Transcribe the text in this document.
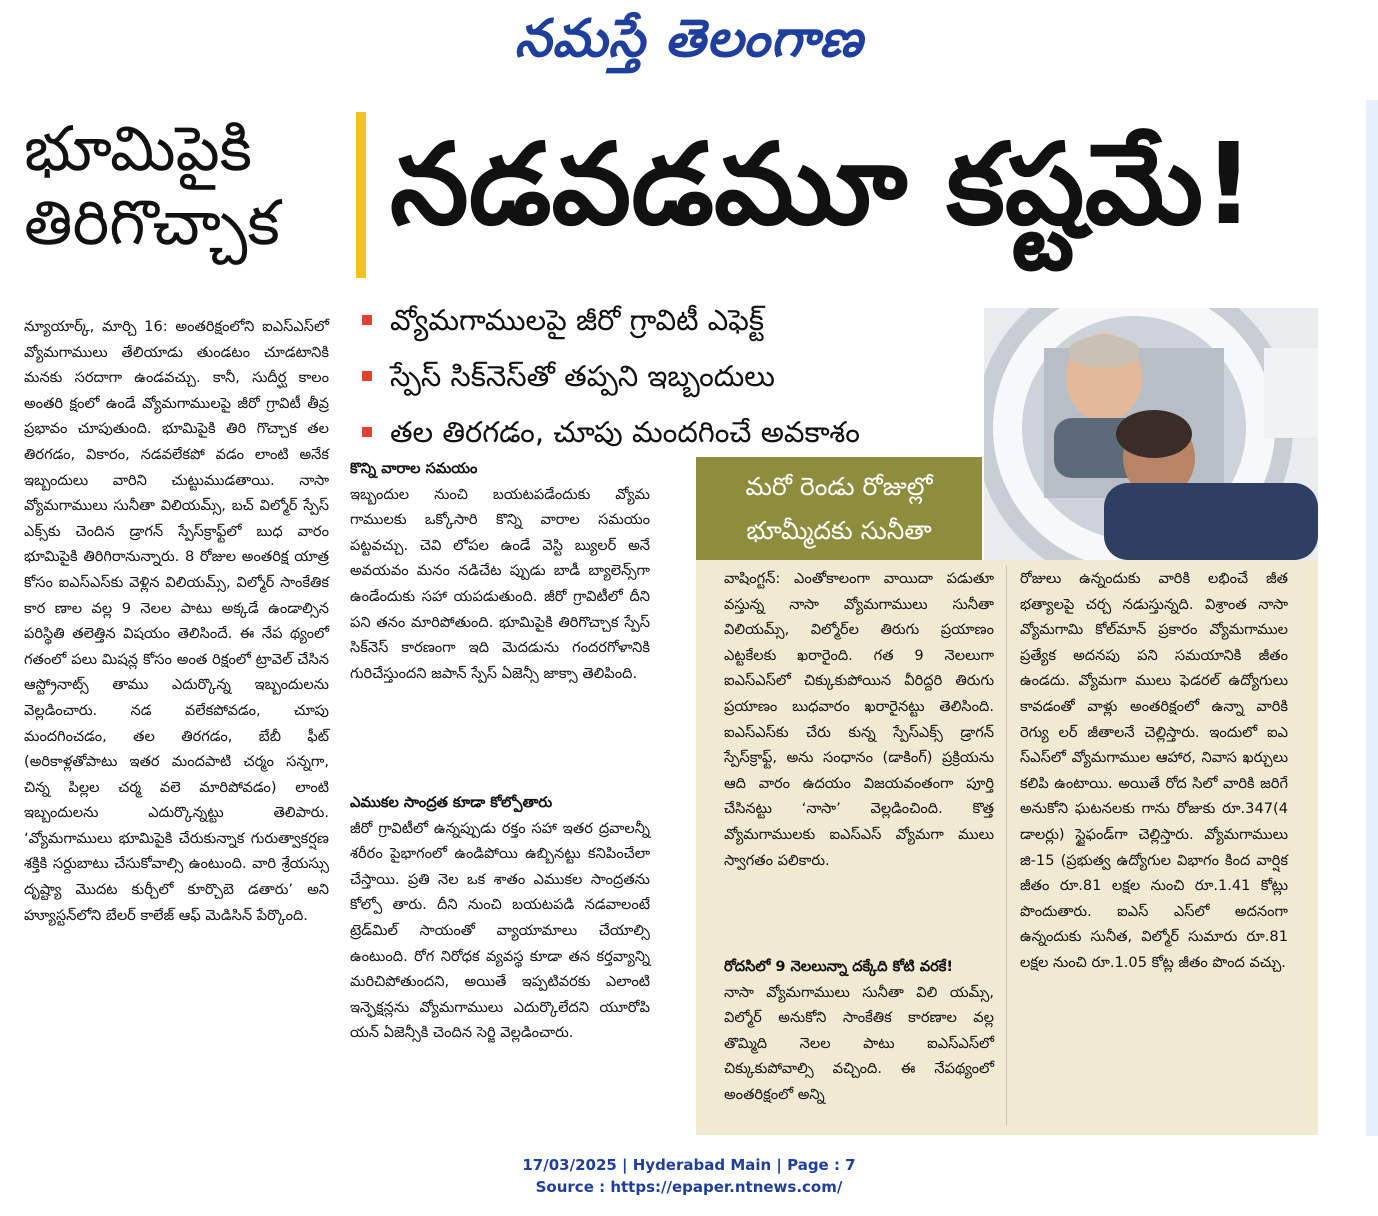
నమస్తే తెలంగాణ
భూమిపైకి
తిరిగొచ్చాక నడవడమూ కష్టమే!
వ్యోమగాములపై జీరో గ్రావిటీ ఎఫెక్ట్
స్పేస్ సిక్‌నెస్‌తో తప్పని ఇబ్బందులు
తల తిరగడం, చూపు మందగించే అవకాశం
న్యూయార్క్, మార్చి 16: అంతరిక్షంలోని ఐఎస్ఎస్‌లో వ్యోమగాములు తేలియాడు తుండటం చూడటానికి మనకు సరదాగా ఉండవచ్చు. కానీ, సుదీర్ఘ కాలం అంతరి క్షంలో ఉండే వ్యోమగాములపై జీరో గ్రావిటీ తీవ్ర ప్రభావం చూపుతుంది. భూమిపైకి తిరి గొచ్చాక తల తిరగడం, వికారం, నడవలేకపో వడం లాంటి అనేక ఇబ్బందులు వారిని చుట్టుముడతాయి. నాసా వ్యోమగాములు సునీతా విలియమ్స్, బచ్ విల్మోర్ స్పేస్ ఎక్స్‌కు చెందిన డ్రాగన్ స్పేస్‌క్రాఫ్ట్‌లో బుధ వారం భూమిపైకి తిరిగిరానున్నారు. 8 రోజుల అంతరిక్ష యాత్ర కోసం ఐఎస్ఎస్‌కు వెళ్లిన విలియమ్స్, విల్మోర్ సాంకేతిక కార ణాల వల్ల 9 నెలల పాటు అక్కడే ఉండాల్సిన పరిస్థితి తలెత్తిన విషయం తెలిసిందే. ఈ నేప థ్యంలో గతంలో పలు మిషన్ల కోసం అంత రిక్షంలో ట్రావెల్ చేసిన ఆస్ట్రోనాట్స్ తాము ఎదుర్కొన్న ఇబ్బందులను వెల్లడించారు. నడ వలేకపోవడం, చూపు మందగించడం, తల తిరగడం, బేబీ ఫీట్ (అరికాళ్లతోపాటు ఇతర మందపాటి చర్మం సన్నగా, చిన్న పిల్లల చర్మ వలె మారిపోవడం) లాంటి ఇబ్బందులను ఎదుర్కొన్నట్టు తెలిపారు. ‘వ్యోమగాములు భూమిపైకి చేరుకున్నాక గురుత్వాకర్షణ శక్తికి సర్దుబాటు చేసుకోవాల్సి ఉంటుంది. వారి శ్రేయస్సు దృష్ట్యా మొదట కుర్చీలో కూర్చొబె డతారు’ అని హ్యూస్టన్‌లోని బేలర్ కాలేజ్ ఆఫ్ మెడిసిన్ పేర్కొంది.
కొన్ని వారాల సమయం
ఇబ్బందుల నుంచి బయటపడేందుకు వ్యోమ గాములకు ఒక్కోసారి కొన్ని వారాల సమయం పట్టవచ్చు. చెవి లోపల ఉండే వెస్టి బ్యులర్ అనే అవయవం మనం నడిచేట ప్పుడు బాడీ బ్యాలెన్స్‌గా ఉండేందుకు సహా యపడుతుంది. జీరో గ్రావిటీలో దీని పని తనం మారిపోతుంది. భూమిపైకి తిరిగొచ్చాక స్పేస్ సిక్‌నెస్ కారణంగా ఇది మెదడును గందరగోళానికి గురిచేస్తుందని జపాన్ స్పేస్ ఏజెన్సీ జాక్సా తెలిపింది.
ఎముకల సాంద్రత కూడా కోల్పోతారు
జీరో గ్రావిటీలో ఉన్నప్పుడు రక్తం సహా ఇతర ద్రవాలన్నీ శరీరం పైభాగంలో ఉండిపోయి ఉబ్బినట్టు కనిపించేలా చేస్తాయి. ప్రతి నెల ఒక శాతం ఎముకల సాంద్రతను కోల్పో తారు. దీని నుంచి బయటపడి నడవాలంటే ట్రెడ్‌మిల్ సాయంతో వ్యాయామాలు చేయాల్సి ఉంటుంది. రోగ నిరోధక వ్యవస్థ కూడా తన కర్తవ్యాన్ని మరిచిపోతుందని, అయితే ఇప్పటివరకు ఎలాంటి ఇన్ఫెక్షన్లను వ్యోమగాములు ఎదుర్కొలేదని యూరోపి యన్ ఏజెన్సీకి చెందిన సెర్జి వెల్లడించారు.
మరో రెండు రోజుల్లో
భూమ్మీదకు సునీతా
వాషింగ్టన్: ఎంతోకాలంగా వాయిదా పడుతూ వస్తున్న నాసా వ్యోమగాములు సునీతా విలియమ్స్, విల్మోర్‌ల తిరుగు ప్రయాణం ఎట్టకేలకు ఖరారైంది. గత 9 నెలలుగా ఐఎస్ఎస్‌లో చిక్కుకుపోయిన వీరిద్దరి తిరుగు ప్రయాణం బుధవారం ఖరారైనట్టు తెలిసింది. ఐఎస్ఎస్‌కు చేరు కున్న స్పేస్ఎక్స్ డ్రాగన్ స్పేస్‌క్రాఫ్ట్, అను సంధానం (డాకింగ్) ప్రక్రియను ఆది వారం ఉదయం విజయవంతంగా పూర్తి చేసినట్టు ‘నాసా’ వెల్లడించింది. కొత్త వ్యోమగాములకు ఐఎస్ఎస్ వ్యోమగా ములు స్వాగతం పలికారు.
రోదసిలో 9 నెలలున్నా దక్కేది కోటి వరకే!
నాసా వ్యోమగాములు సునీతా విలి యమ్స్, విల్మోర్ అనుకోని సాంకేతిక కారణాల వల్ల తొమ్మిది నెలల పాటు ఐఎస్ఎస్‌లో చిక్కుకుపోవాల్సి వచ్చింది. ఈ నేపథ్యంలో అంతరిక్షంలో అన్ని
రోజులు ఉన్నందుకు వారికి లభించే జీత భత్యాలపై చర్చ నడుస్తున్నది. విశ్రాంత నాసా వ్యోమగామి కోల్‌మాన్ ప్రకారం వ్యోమగాముల ప్రత్యేక అదనపు పని సమయానికి జీతం ఉండదు. వ్యోమగా ములు ఫెడరల్ ఉద్యోగులు కావడంతో వాళ్లు అంతరిక్షంలో ఉన్నా వారికి రెగ్యు లర్ జీతాలనే చెల్లిస్తారు. ఇందులో ఐఎ స్ఎస్‌లో వ్యోమగాముల ఆహార, నివాస ఖర్చులు కలిపి ఉంటాయి. అయితే రోద సిలో వారికి జరిగే అనుకోని ఘటనలకు గాను రోజుకు రూ.347(4 డాలర్లు) స్టైఫండ్‌గా చెల్లిస్తారు. వ్యోమగాములు జి-15 (ప్రభుత్వ ఉద్యోగుల విభాగం కింద వార్షిక జీతం రూ.81 లక్షల నుంచి రూ.1.41 కోట్లు పొందుతారు. ఐఎస్ ఎస్‌లో అదనంగా ఉన్నందుకు సునీత, విల్మోర్ సుమారు రూ.81 లక్షల నుంచి రూ.1.05 కోట్ల జీతం పొంద వచ్చు.
17/03/2025 | Hyderabad Main | Page : 7
Source : https://epaper.ntnews.com/
